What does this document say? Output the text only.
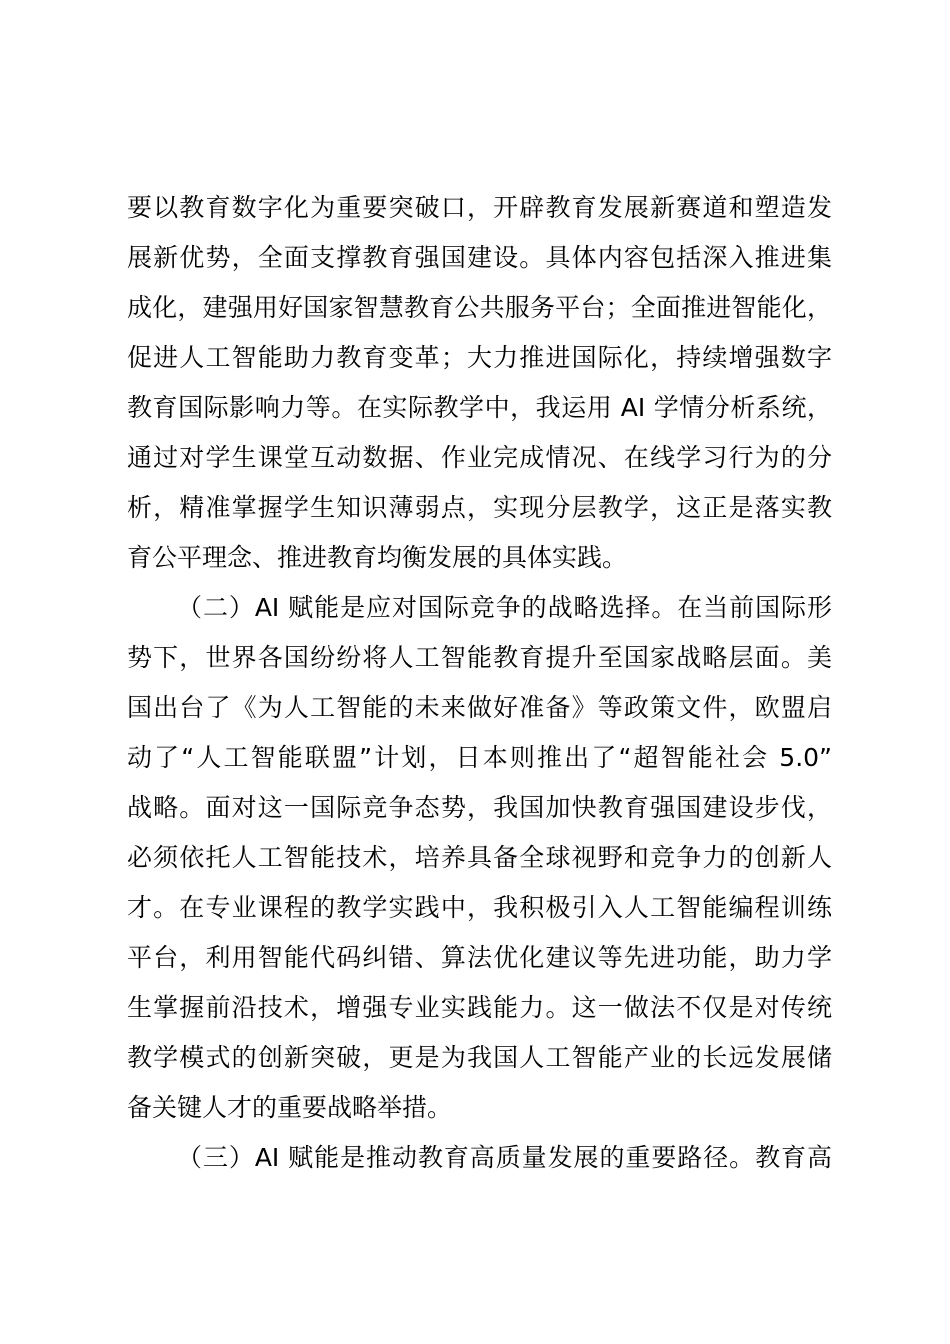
要以教育数字化为重要突破口，开辟教育发展新赛道和塑造发
展新优势，全面支撑教育强国建设。具体内容包括深入推进集
成化，建强用好国家智慧教育公共服务平台；全面推进智能化，
促进人工智能助力教育变革；大力推进国际化，持续增强数字
教育国际影响力等。在实际教学中，我运用 AI 学情分析系统，
通过对学生课堂互动数据、作业完成情况、在线学习行为的分
析，精准掌握学生知识薄弱点，实现分层教学，这正是落实教
育公平理念、推进教育均衡发展的具体实践。
（二）AI 赋能是应对国际竞争的战略选择。在当前国际形
势下，世界各国纷纷将人工智能教育提升至国家战略层面。美
国出台了《为人工智能的未来做好准备》等政策文件，欧盟启
动了“人工智能联盟”计划，日本则推出了“超智能社会 5.0”
战略。面对这一国际竞争态势，我国加快教育强国建设步伐，
必须依托人工智能技术，培养具备全球视野和竞争力的创新人
才。在专业课程的教学实践中，我积极引入人工智能编程训练
平台，利用智能代码纠错、算法优化建议等先进功能，助力学
生掌握前沿技术，增强专业实践能力。这一做法不仅是对传统
教学模式的创新突破，更是为我国人工智能产业的长远发展储
备关键人才的重要战略举措。
（三）AI 赋能是推动教育高质量发展的重要路径。教育高
